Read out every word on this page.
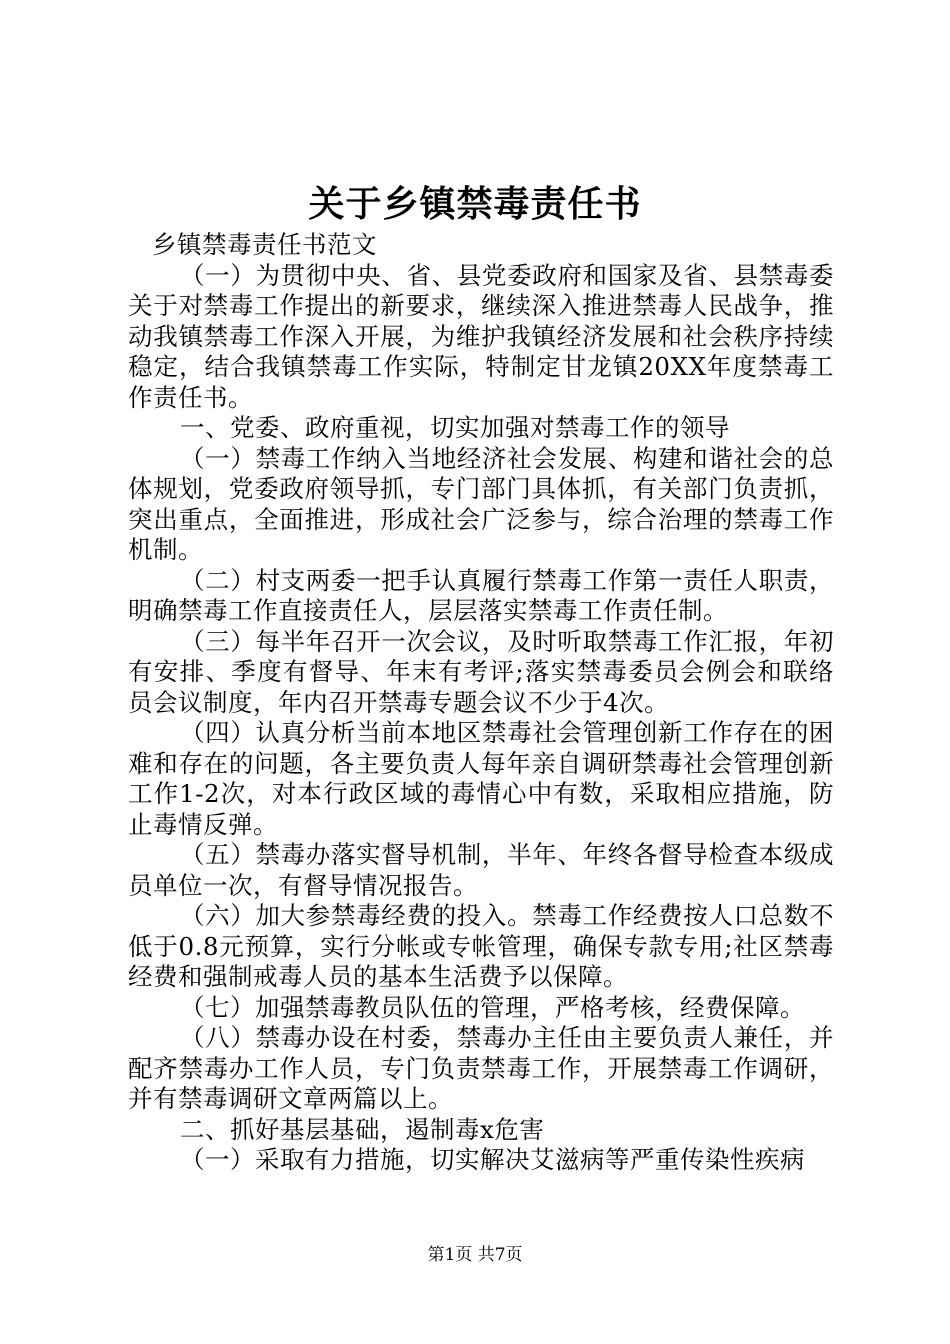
关于乡镇禁毒责任书

乡镇禁毒责任书范文

（一）为贯彻中央、省、县党委政府和国家及省、县禁毒委关于对禁毒工作提出的新要求，继续深入推进禁毒人民战争，推动我镇禁毒工作深入开展，为维护我镇经济发展和社会秩序持续稳定，结合我镇禁毒工作实际，特制定甘龙镇20XX年度禁毒工作责任书。

一、党委、政府重视，切实加强对禁毒工作的领导

（一）禁毒工作纳入当地经济社会发展、构建和谐社会的总体规划，党委政府领导抓，专门部门具体抓，有关部门负责抓，突出重点，全面推进，形成社会广泛参与，综合治理的禁毒工作机制。

（二）村支两委一把手认真履行禁毒工作第一责任人职责，明确禁毒工作直接责任人，层层落实禁毒工作责任制。

（三）每半年召开一次会议，及时听取禁毒工作汇报，年初有安排、季度有督导、年末有考评;落实禁毒委员会例会和联络员会议制度，年内召开禁毒专题会议不少于4次。

（四）认真分析当前本地区禁毒社会管理创新工作存在的困难和存在的问题，各主要负责人每年亲自调研禁毒社会管理创新工作1-2次，对本行政区域的毒情心中有数，采取相应措施，防止毒情反弹。

（五）禁毒办落实督导机制，半年、年终各督导检查本级成员单位一次，有督导情况报告。

（六）加大参禁毒经费的投入。禁毒工作经费按人口总数不低于0.8元预算，实行分帐或专帐管理，确保专款专用;社区禁毒经费和强制戒毒人员的基本生活费予以保障。

（七）加强禁毒教员队伍的管理，严格考核，经费保障。

（八）禁毒办设在村委，禁毒办主任由主要负责人兼任，并配齐禁毒办工作人员，专门负责禁毒工作，开展禁毒工作调研，并有禁毒调研文章两篇以上。

二、抓好基层基础，遏制毒x危害

（一）采取有力措施，切实解决艾滋病等严重传染性疾病

第1页 共7页
